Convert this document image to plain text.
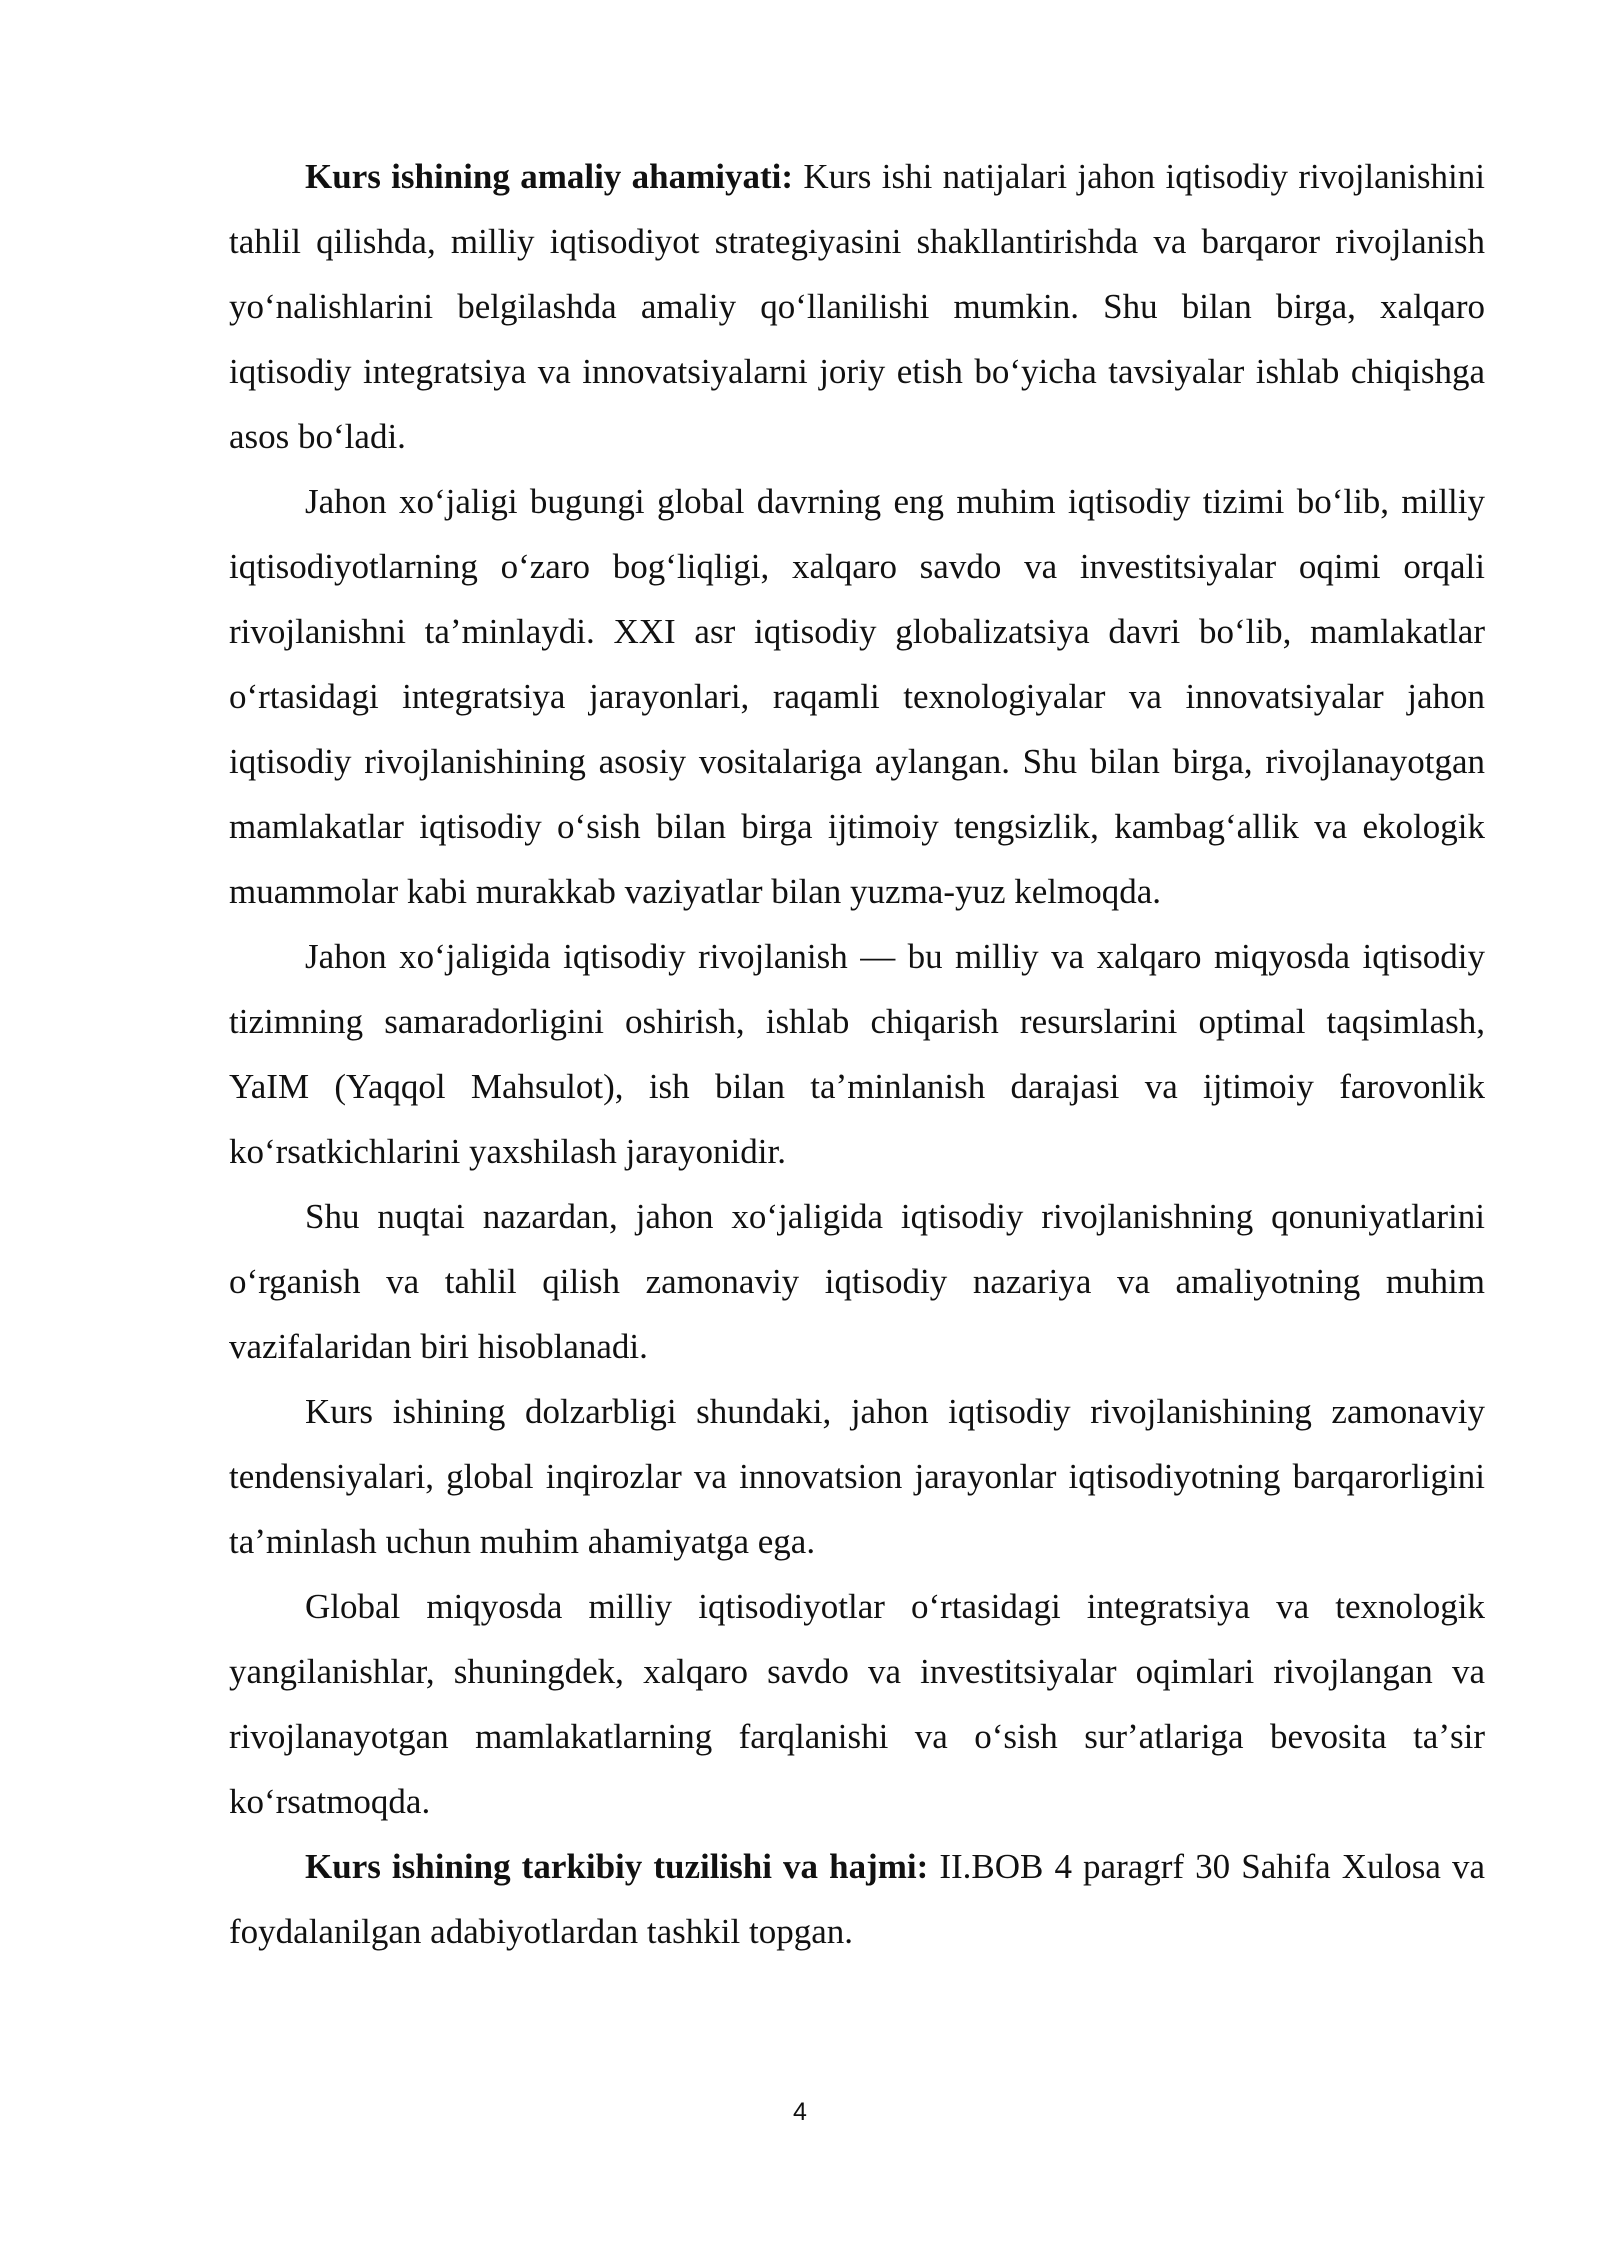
Kurs ishining amaliy ahamiyati: Kurs ishi natijalari jahon iqtisodiy rivojlanishini tahlil qilishda, milliy iqtisodiyot strategiyasini shakllantirishda va barqaror rivojlanish yoʻnalishlarini belgilashda amaliy qoʻllanilishi mumkin. Shu bilan birga, xalqaro iqtisodiy integratsiya va innovatsiyalarni joriy etish boʻyicha tavsiyalar ishlab chiqishga asos boʻladi.

Jahon xoʻjaligi bugungi global davrning eng muhim iqtisodiy tizimi boʻlib, milliy iqtisodiyotlarning oʻzaro bogʻliqligi, xalqaro savdo va investitsiyalar oqimi orqali rivojlanishni taʼminlaydi. XXI asr iqtisodiy globalizatsiya davri boʻlib, mamlakatlar oʻrtasidagi integratsiya jarayonlari, raqamli texnologiyalar va innovatsiyalar jahon iqtisodiy rivojlanishining asosiy vositalariga aylangan. Shu bilan birga, rivojlanayotgan mamlakatlar iqtisodiy oʻsish bilan birga ijtimoiy tengsizlik, kambagʻallik va ekologik muammolar kabi murakkab vaziyatlar bilan yuzma-yuz kelmoqda.

Jahon xoʻjaligida iqtisodiy rivojlanish — bu milliy va xalqaro miqyosda iqtisodiy tizimning samaradorligini oshirish, ishlab chiqarish resurslarini optimal taqsimlash, YaIM (Yaqqol Mahsulot), ish bilan taʼminlanish darajasi va ijtimoiy farovonlik koʻrsatkichlarini yaxshilash jarayonidir.

Shu nuqtai nazardan, jahon xoʻjaligida iqtisodiy rivojlanishning qonuniyatlarini oʻrganish va tahlil qilish zamonaviy iqtisodiy nazariya va amaliyotning muhim vazifalaridan biri hisoblanadi.

Kurs ishining dolzarbligi shundaki, jahon iqtisodiy rivojlanishining zamonaviy tendensiyalari, global inqirozlar va innovatsion jarayonlar iqtisodiyotning barqarorligini taʼminlash uchun muhim ahamiyatga ega.

Global miqyosda milliy iqtisodiyotlar oʻrtasidagi integratsiya va texnologik yangilanishlar, shuningdek, xalqaro savdo va investitsiyalar oqimlari rivojlangan va rivojlanayotgan mamlakatlarning farqlanishi va oʻsish surʼatlariga bevosita taʼsir koʻrsatmoqda.

Kurs ishining tarkibiy tuzilishi va hajmi: II.BOB 4 paragrf 30 Sahifa Xulosa va foydalanilgan adabiyotlardan tashkil topgan.

4
